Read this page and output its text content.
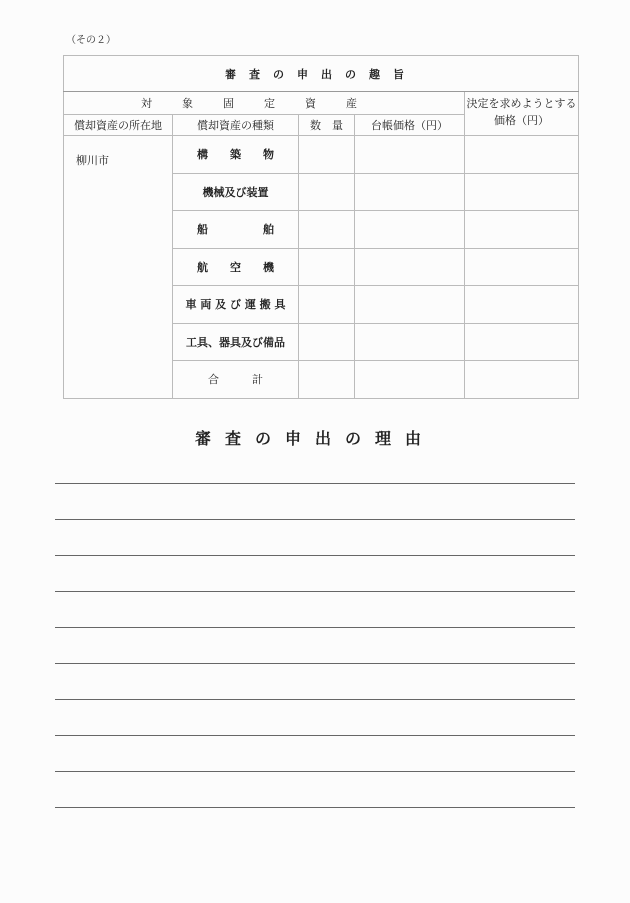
（その２）
審査の申出の趣旨				
対象固定資産				決定を求めようとする価格（円）
償却資産の所在地	償却資産の種類	数　量	台帳価格（円）	
柳川市	構　　築　　物			
	機械及び装置			
	船　　　　　舶			
	航　　空　　機			
	車 両 及 び 運 搬 具			
	工具、器具及び備品			
	合　　　計			
審査の申出の理由
